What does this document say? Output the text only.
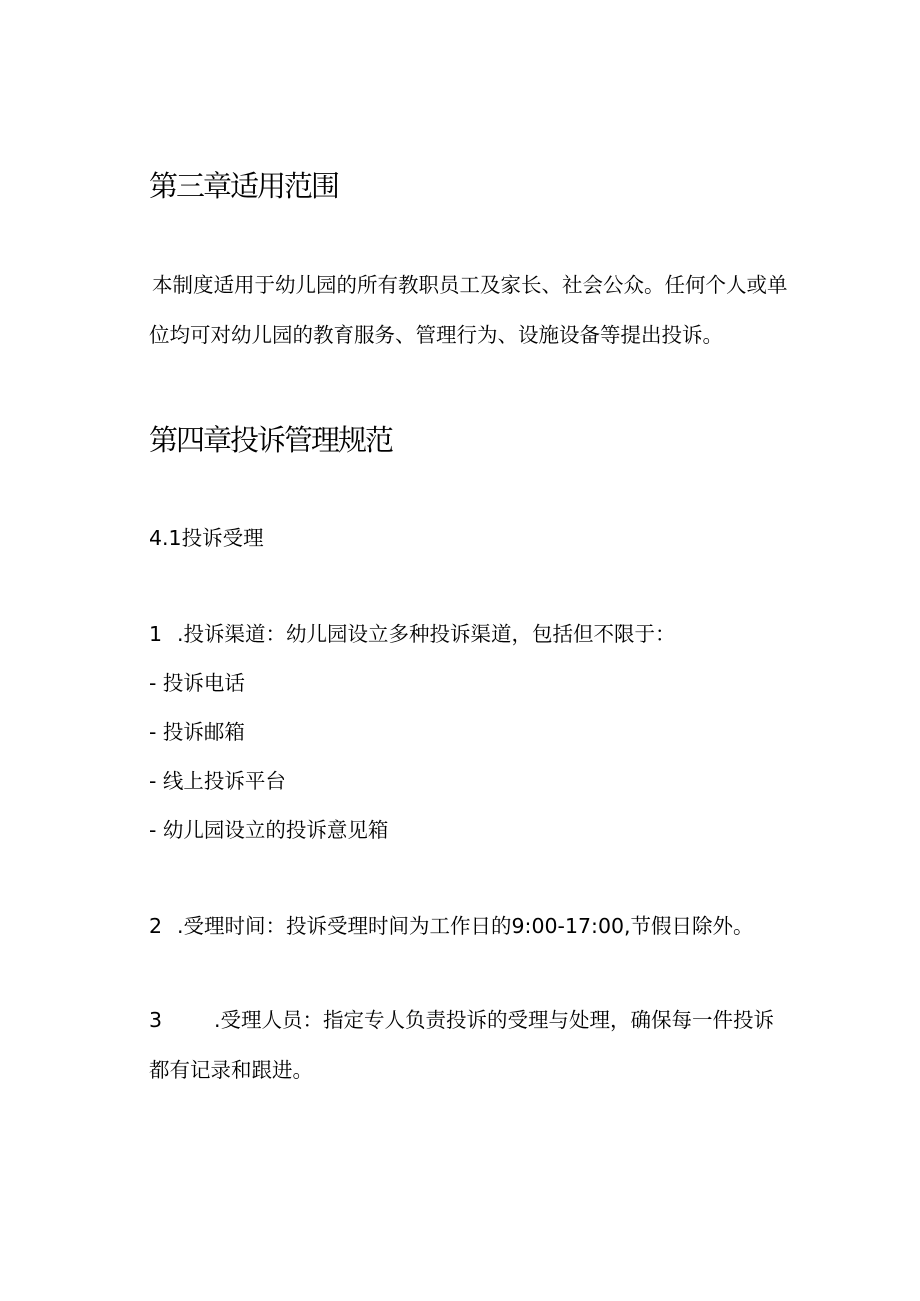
第三章适用范围
本制度适用于幼儿园的所有教职员工及家长、社会公众。任何个人或单
位均可对幼儿园的教育服务、管理行为、设施设备等提出投诉。
第四章投诉管理规范
4.1投诉受理
1 .投诉渠道：幼儿园设立多种投诉渠道，包括但不限于：
- 投诉电话
- 投诉邮箱
- 线上投诉平台
- 幼儿园设立的投诉意见箱
2 .受理时间：投诉受理时间为工作日的9:00-17:00,节假日除外。
3	.受理人员：指定专人负责投诉的受理与处理，确保每一件投诉
都有记录和跟进。
